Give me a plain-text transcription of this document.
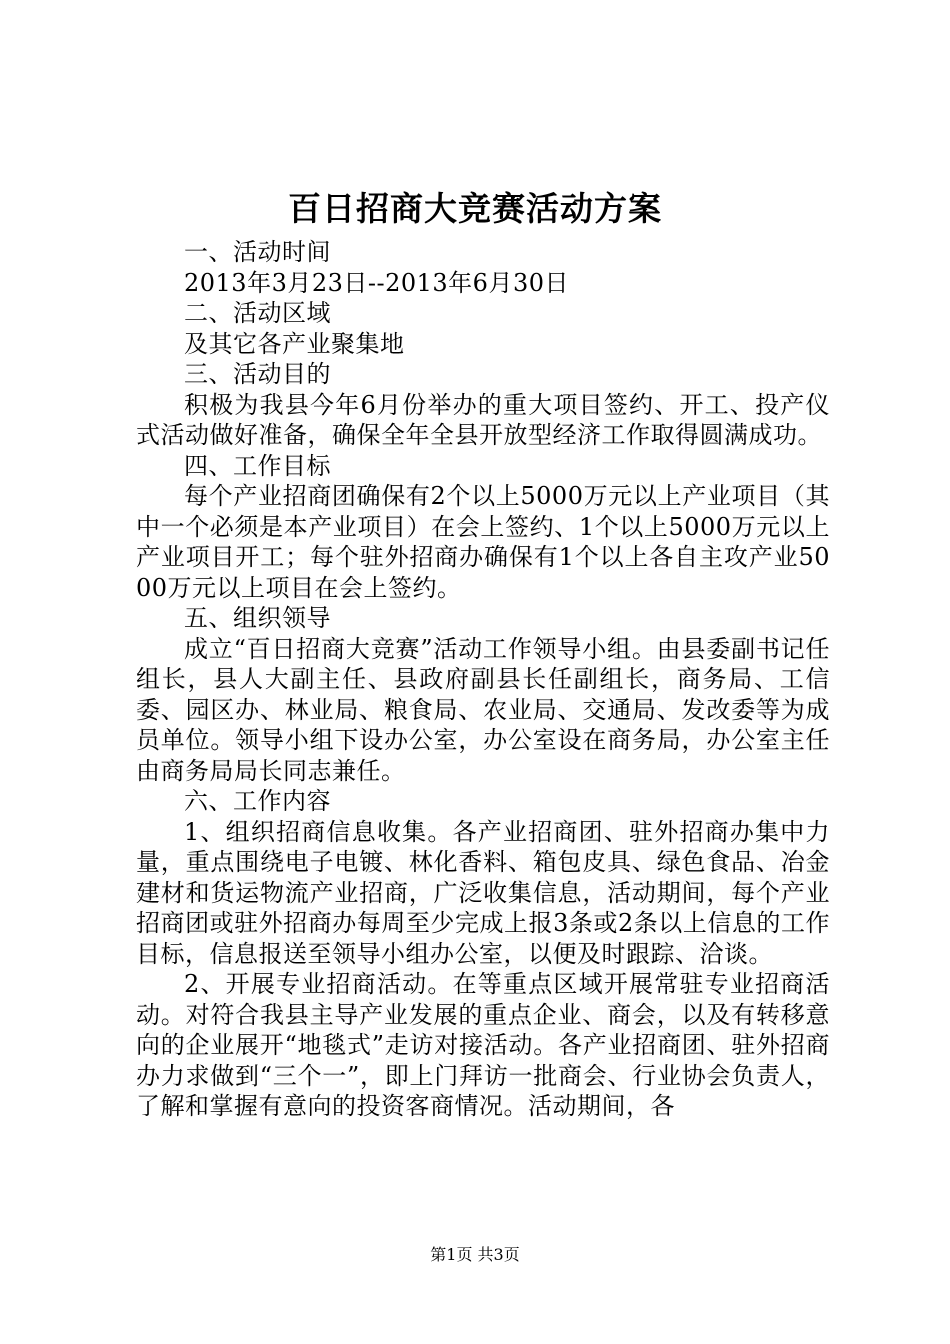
百日招商大竞赛活动方案

一、活动时间

2013年3月23日--2013年6月30日

二、活动区域

及其它各产业聚集地

三、活动目的

积极为我县今年6月份举办的重大项目签约、开工、投产仪式活动做好准备，确保全年全县开放型经济工作取得圆满成功。

四、工作目标

每个产业招商团确保有2个以上5000万元以上产业项目（其中一个必须是本产业项目）在会上签约、1个以上5000万元以上产业项目开工；每个驻外招商办确保有1个以上各自主攻产业5000万元以上项目在会上签约。

五、组织领导

成立“百日招商大竞赛”活动工作领导小组。由县委副书记任组长，县人大副主任、县政府副县长任副组长，商务局、工信委、园区办、林业局、粮食局、农业局、交通局、发改委等为成员单位。领导小组下设办公室，办公室设在商务局，办公室主任由商务局局长同志兼任。

六、工作内容

1、组织招商信息收集。各产业招商团、驻外招商办集中力量，重点围绕电子电镀、林化香料、箱包皮具、绿色食品、冶金建材和货运物流产业招商，广泛收集信息，活动期间，每个产业招商团或驻外招商办每周至少完成上报3条或2条以上信息的工作目标，信息报送至领导小组办公室，以便及时跟踪、洽谈。

2、开展专业招商活动。在等重点区域开展常驻专业招商活动。对符合我县主导产业发展的重点企业、商会，以及有转移意向的企业展开“地毯式”走访对接活动。各产业招商团、驻外招商办力求做到“三个一”，即上门拜访一批商会、行业协会负责人，了解和掌握有意向的投资客商情况。活动期间，各

第1页 共3页
